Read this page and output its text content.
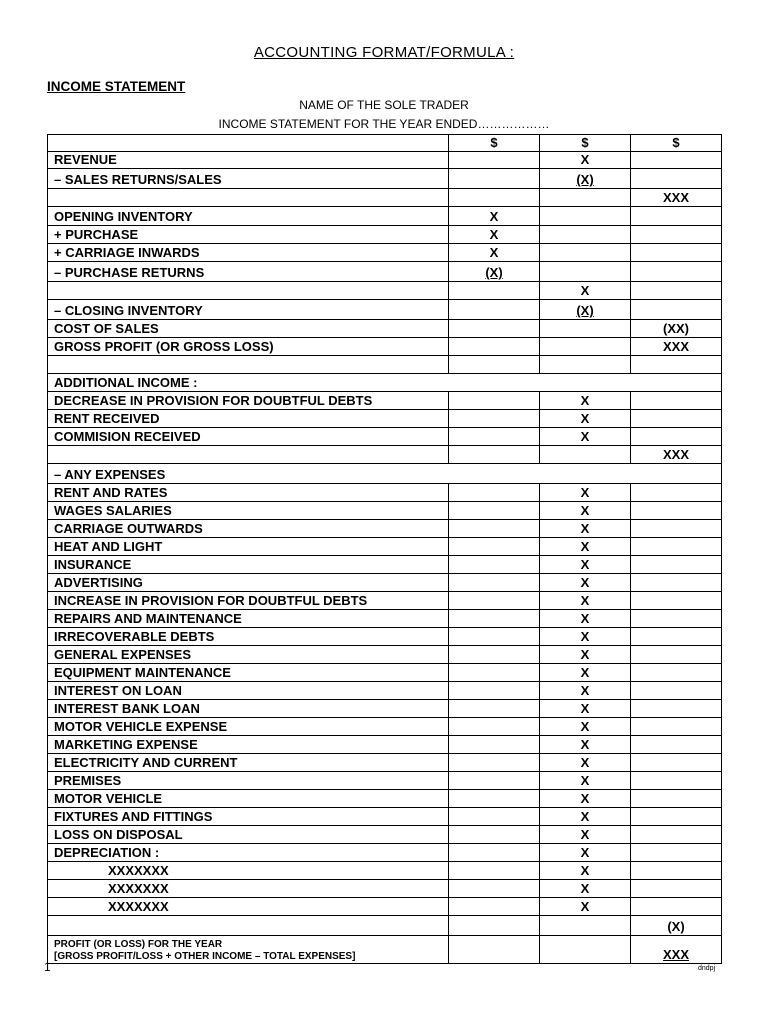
ACCOUNTING FORMAT/FORMULA :
INCOME STATEMENT
NAME OF THE SOLE TRADER
INCOME STATEMENT FOR THE YEAR ENDED………………
	$	$	$
REVENUE		X	
– SALES RETURNS/SALES		(X)	
			XXX
OPENING INVENTORY	X		
+ PURCHASE	X		
+ CARRIAGE INWARDS	X		
– PURCHASE RETURNS	(X)		
		X	
– CLOSING INVENTORY		(X)	
COST OF SALES			(XX)
GROSS PROFIT (OR GROSS LOSS)			XXX

ADDITIONAL INCOME :			
DECREASE IN PROVISION FOR DOUBTFUL DEBTS		X	
RENT RECEIVED		X	
COMMISION RECEIVED		X	
			XXX
– ANY EXPENSES			
RENT AND RATES		X	
WAGES SALARIES		X	
CARRIAGE OUTWARDS		X	
HEAT AND LIGHT		X	
INSURANCE		X	
ADVERTISING		X	
INCREASE IN PROVISION FOR DOUBTFUL DEBTS		X	
REPAIRS AND MAINTENANCE		X	
IRRECOVERABLE DEBTS		X	
GENERAL EXPENSES		X	
EQUIPMENT MAINTENANCE		X	
INTEREST ON LOAN		X	
INTEREST BANK LOAN		X	
MOTOR VEHICLE EXPENSE		X	
MARKETING EXPENSE		X	
ELECTRICITY AND CURRENT		X	
PREMISES		X	
MOTOR VEHICLE		X	
FIXTURES AND FITTINGS		X	
LOSS ON DISPOSAL		X	
DEPRECIATION :		X	
XXXXXXX		X	
XXXXXXX		X	
XXXXXXX		X	
			(X)
PROFIT (OR LOSS) FOR THE YEAR
[GROSS PROFIT/LOSS + OTHER INCOME – TOTAL EXPENSES]			XXX
1	dndpj
